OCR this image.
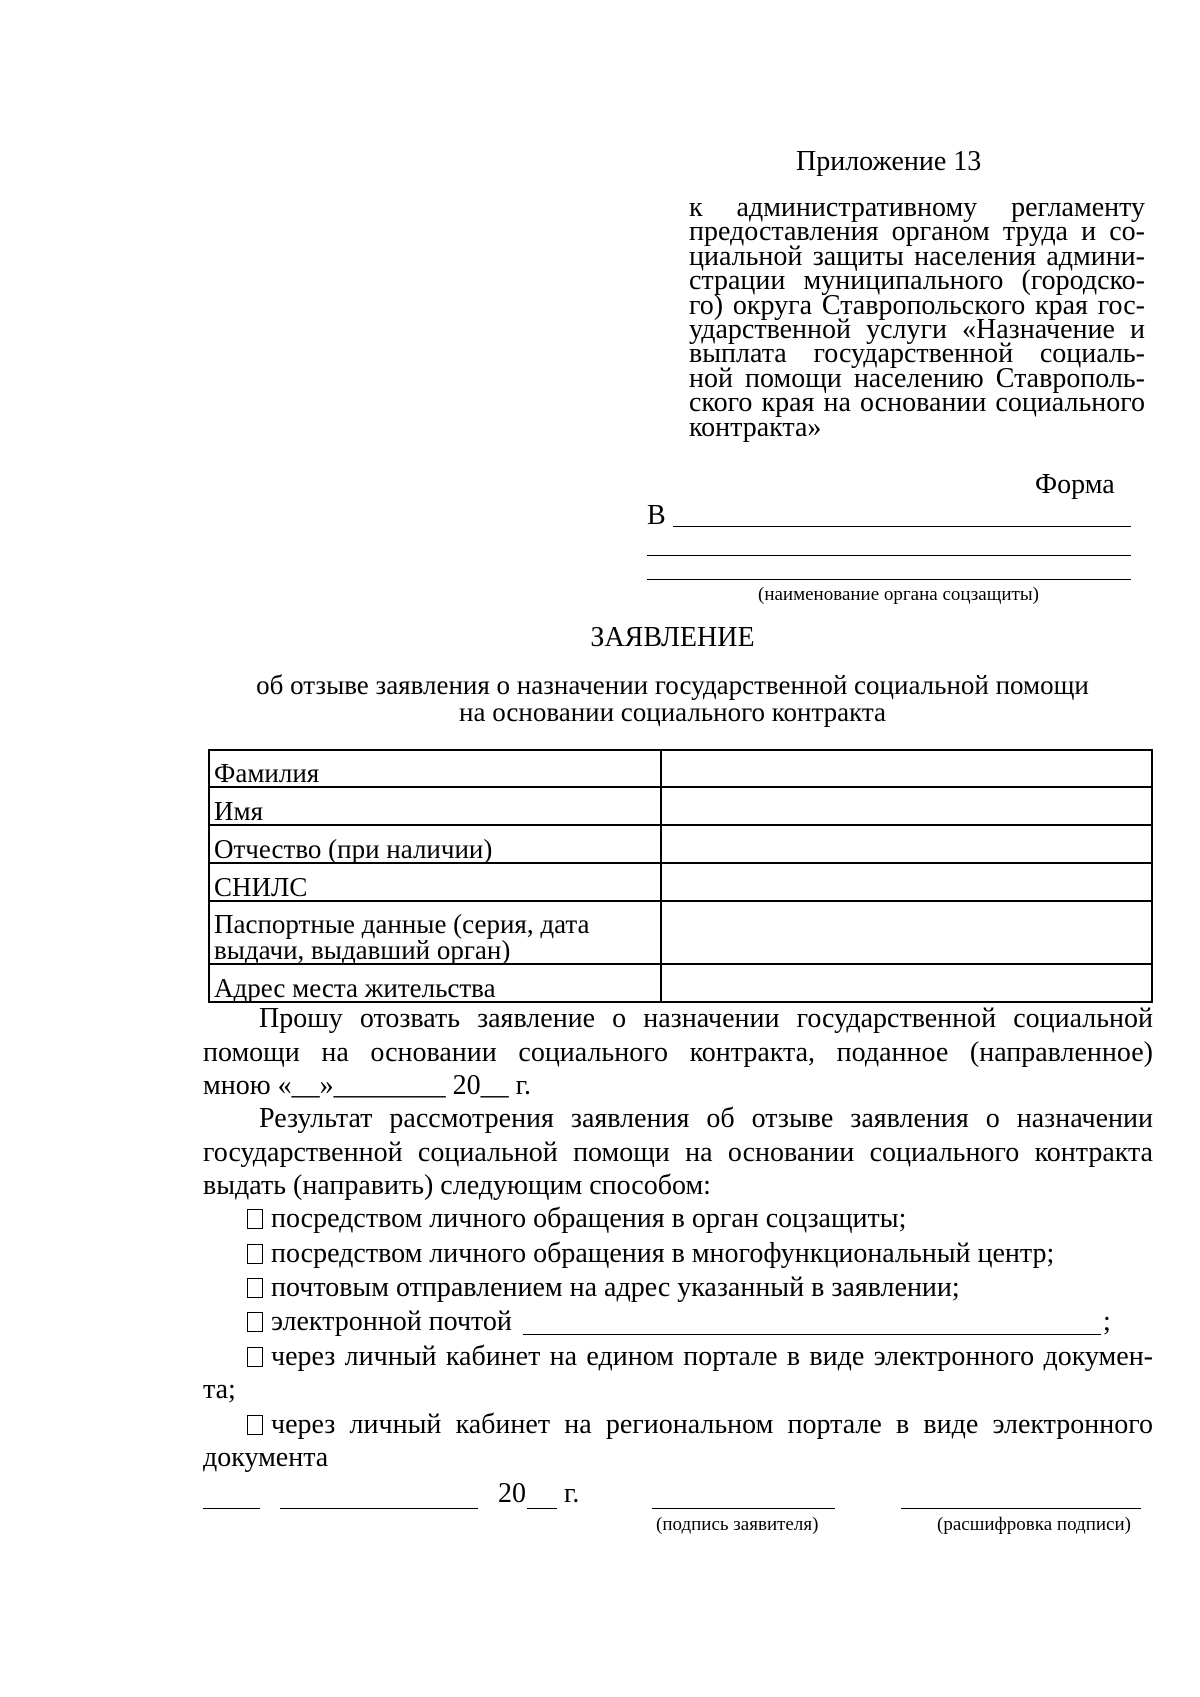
Приложение 13
к административному регламенту
предоставления органом труда и со-
циальной защиты населения админи-
страции муниципального (городско-
го) округа Ставропольского края гос-
ударственной услуги «Назначение и
выплата государственной социаль-
ной помощи населению Ставрополь-
ского края на основании социального
контракта»
Форма
В
(наименование органа соцзащиты)
ЗАЯВЛЕНИЕ
об отзыве заявления о назначении государственной социальной помощи
на основании социального контракта
Фамилия	
Имя	
Отчество (при наличии)	
СНИЛС	
Паспортные данные (серия, дата выдачи, выдавший орган)	
Адрес места жительства	
Прошу отозвать заявление о назначении государственной социальной
помощи на основании социального контракта, поданное (направленное)
мною «__»________ 20__ г.
Результат рассмотрения заявления об отзыве заявления о назначении
государственной социальной помощи на основании социального контракта
выдать (направить) следующим способом:
посредством личного обращения в орган соцзащиты;
посредством личного обращения в многофункциональный центр;
почтовым отправлением на адрес указанный в заявлении;
электронной почтой	;
через личный кабинет на едином портале в виде электронного докумен-
та;
через личный кабинет на региональном портале в виде электронного
документа
20 г.
(подпись заявителя)	(расшифровка подписи)
